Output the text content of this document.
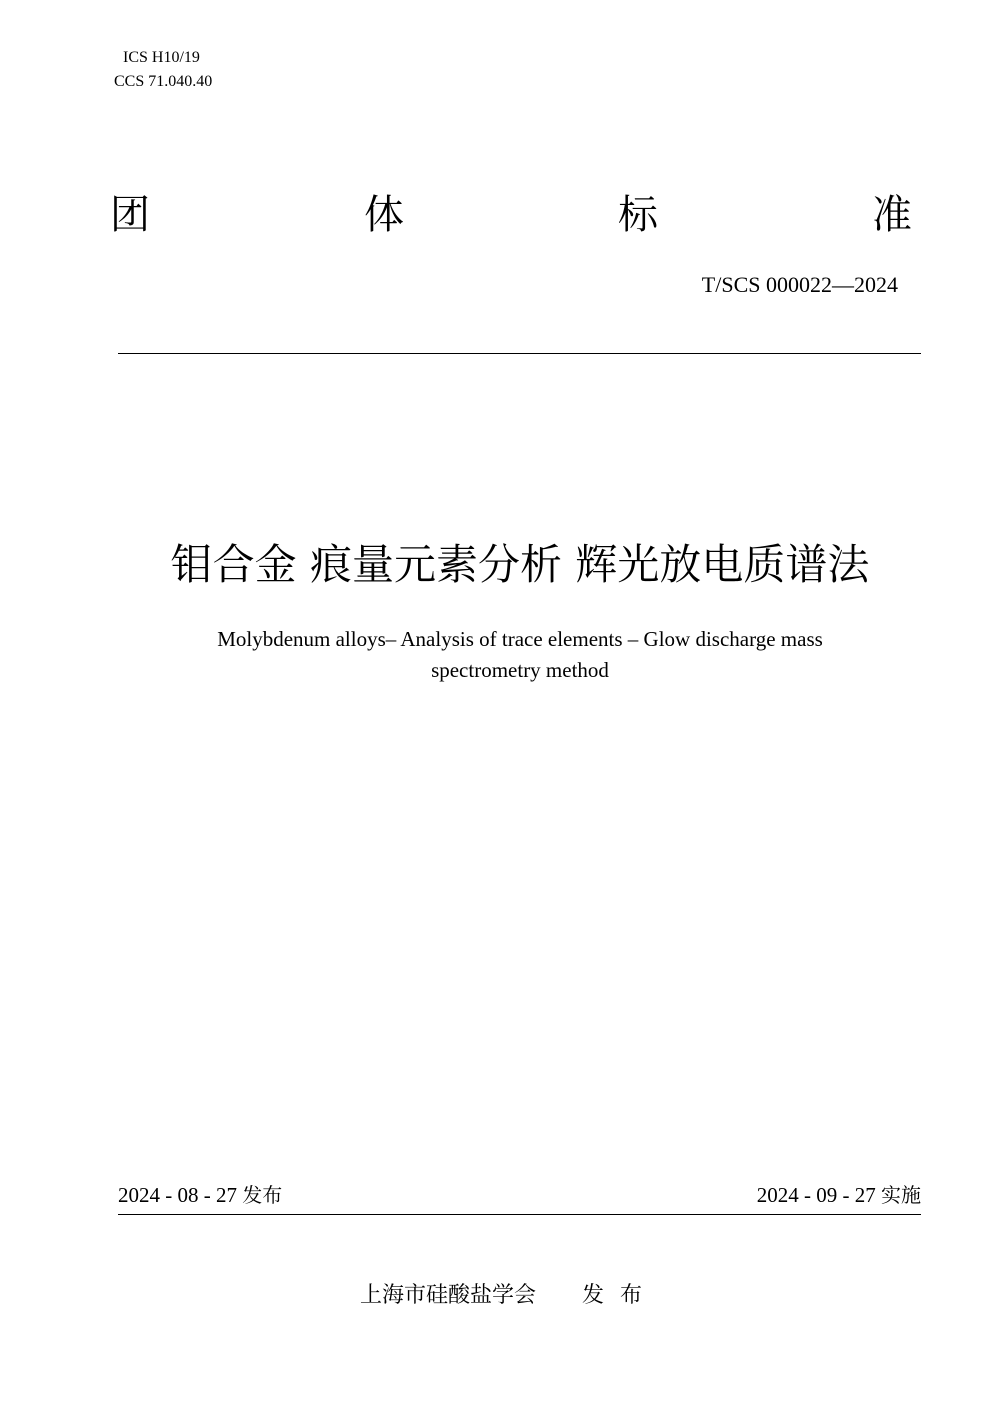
ICS H10/19
CCS 71.040.40
团	体	标	准
T/SCS 000022—2024
钼合金 痕量元素分析 辉光放电质谱法
Molybdenum alloys– Analysis of trace elements – Glow discharge mass
spectrometry method
2024 - 08 - 27 发布	2024 - 09 - 27 实施
上海市硅酸盐学会 发布
